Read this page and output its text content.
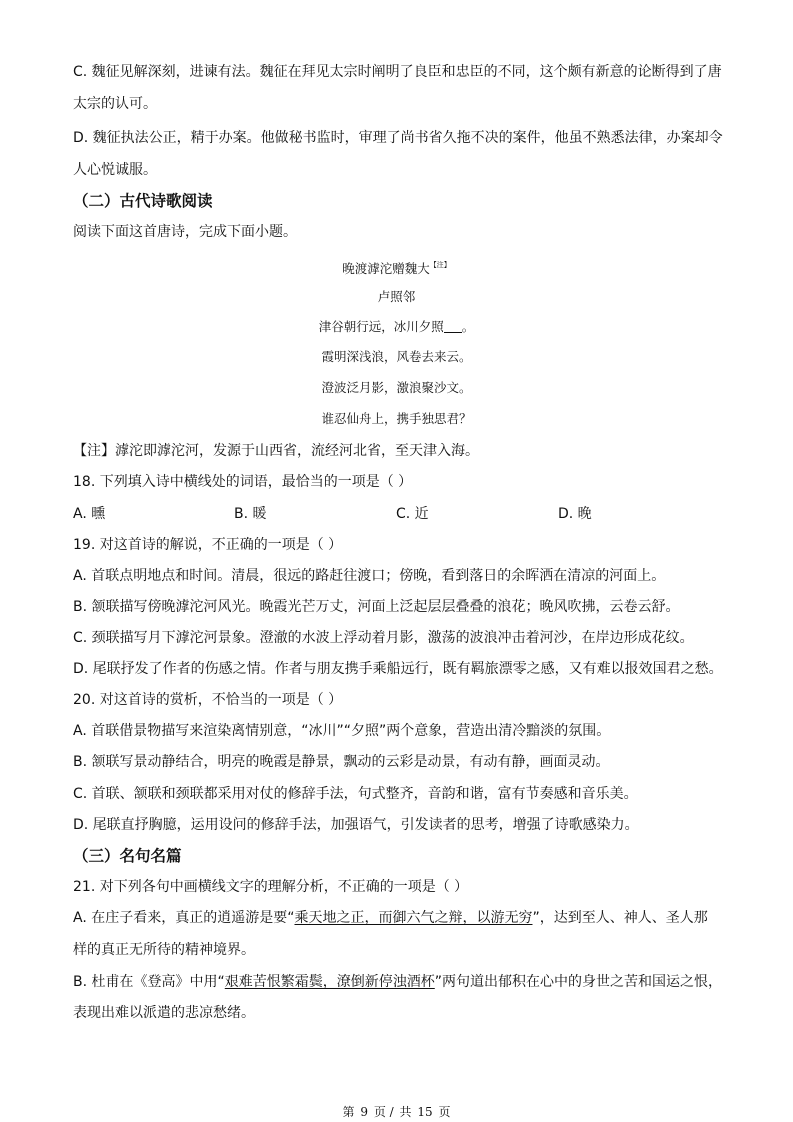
C. 魏征见解深刻，进谏有法。魏征在拜见太宗时阐明了良臣和忠臣的不同，这个颇有新意的论断得到了唐

太宗的认可。

D. 魏征执法公正，精于办案。他做秘书监时，审理了尚书省久拖不决的案件，他虽不熟悉法律，办案却令

人心悦诚服。

（二）古代诗歌阅读

阅读下面这首唐诗，完成下面小题。

晚渡滹沱赠魏大$^{【注】}$

卢照邻

津谷朝行远，冰川夕照 。

霞明深浅浪，风卷去来云。

澄波泛月影，激浪聚沙文。

谁忍仙舟上，携手独思君？

【注】滹沱即滹沱河，发源于山西省，流经河北省，至天津入海。

18. 下列填入诗中横线处的词语，最恰当的一项是（ ）

A. 曛	B. 暖	C. 近	D. 晚

19. 对这首诗的解说，不正确的一项是（ ）

A. 首联点明地点和时间。清晨，很远的路赶往渡口；傍晚，看到落日的余晖洒在清凉的河面上。

B. 颔联描写傍晚滹沱河风光。晚霞光芒万丈，河面上泛起层层叠叠的浪花；晚风吹拂，云卷云舒。

C. 颈联描写月下滹沱河景象。澄澈的水波上浮动着月影，激荡的波浪冲击着河沙，在岸边形成花纹。

D. 尾联抒发了作者的伤感之情。作者与朋友携手乘船远行，既有羁旅漂零之感，又有难以报效国君之愁。

20. 对这首诗的赏析，不恰当的一项是（ ）

A. 首联借景物描写来渲染离情别意，“冰川”“夕照”两个意象，营造出清冷黯淡的氛围。

B. 颔联写景动静结合，明亮的晚霞是静景，飘动的云彩是动景，有动有静，画面灵动。

C. 首联、颔联和颈联都采用对仗的修辞手法，句式整齐，音韵和谐，富有节奏感和音乐美。

D. 尾联直抒胸臆，运用设问的修辞手法，加强语气，引发读者的思考，增强了诗歌感染力。

（三）名句名篇

21. 对下列各句中画横线文字的理解分析，不正确的一项是（ ）

A. 在庄子看来，真正的逍遥游是要“乘天地之正，而御六气之辩，以游无穷”，达到至人、神人、圣人那

样的真正无所待的精神境界。

B. 杜甫在《登高》中用“艰难苦恨繁霜鬓，潦倒新停浊酒杯”两句道出郁积在心中的身世之苦和国运之恨，

表现出难以派遣的悲凉愁绪。

第 9 页 / 共 15 页
